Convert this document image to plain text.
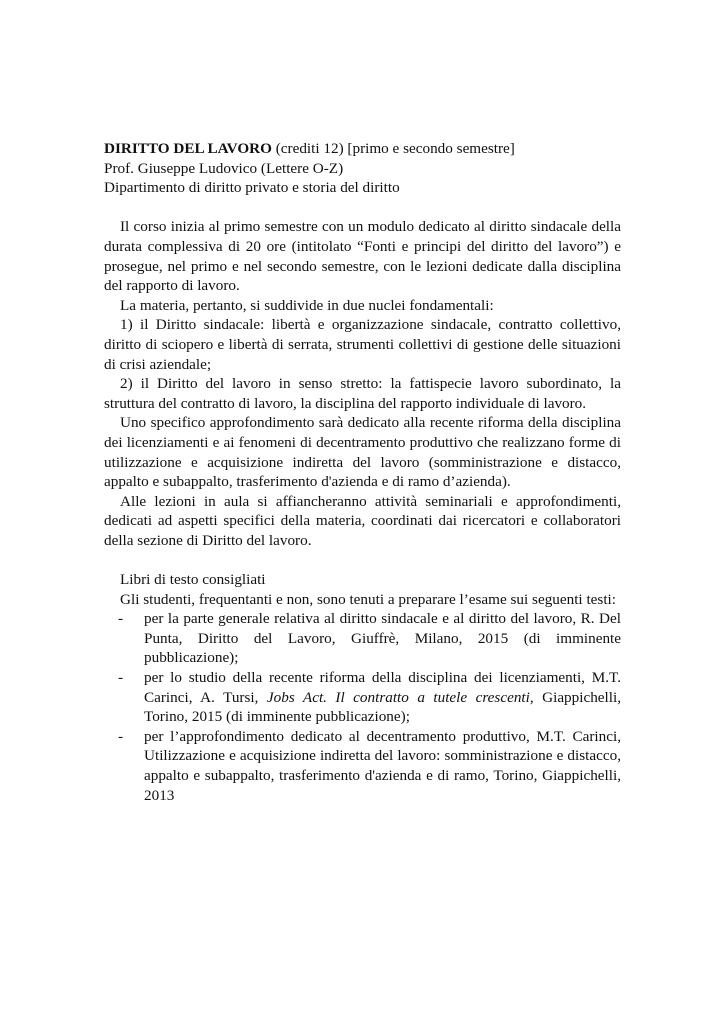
DIRITTO DEL LAVORO (crediti 12) [primo e secondo semestre]
Prof. Giuseppe Ludovico (Lettere O-Z)
Dipartimento di diritto privato e storia del diritto

Il corso inizia al primo semestre con un modulo dedicato al diritto sindacale della durata complessiva di 20 ore (intitolato “Fonti e principi del diritto del lavoro”) e prosegue, nel primo e nel secondo semestre, con le lezioni dedicate dalla disciplina del rapporto di lavoro.

La materia, pertanto, si suddivide in due nuclei fondamentali:

1) il Diritto sindacale: libertà e organizzazione sindacale, contratto collettivo, diritto di sciopero e libertà di serrata, strumenti collettivi di gestione delle situazioni di crisi aziendale;

2) il Diritto del lavoro in senso stretto: la fattispecie lavoro subordinato, la struttura del contratto di lavoro, la disciplina del rapporto individuale di lavoro.

Uno specifico approfondimento sarà dedicato alla recente riforma della disciplina dei licenziamenti e ai fenomeni di decentramento produttivo che realizzano forme di utilizzazione e acquisizione indiretta del lavoro (somministrazione e distacco, appalto e subappalto, trasferimento d'azienda e di ramo d’azienda).

Alle lezioni in aula si affiancheranno attività seminariali e approfondimenti, dedicati ad aspetti specifici della materia, coordinati dai ricercatori e collaboratori della sezione di Diritto del lavoro.

Libri di testo consigliati

Gli studenti, frequentanti e non, sono tenuti a preparare l’esame sui seguenti testi:

- per la parte generale relativa al diritto sindacale e al diritto del lavoro, R. Del Punta, Diritto del Lavoro, Giuffrè, Milano, 2015 (di imminente pubblicazione);
- per lo studio della recente riforma della disciplina dei licenziamenti, M.T. Carinci, A. Tursi, Jobs Act. Il contratto a tutele crescenti, Giappichelli, Torino, 2015 (di imminente pubblicazione);
- per l’approfondimento dedicato al decentramento produttivo, M.T. Carinci, Utilizzazione e acquisizione indiretta del lavoro: somministrazione e distacco, appalto e subappalto, trasferimento d'azienda e di ramo, Torino, Giappichelli, 2013
